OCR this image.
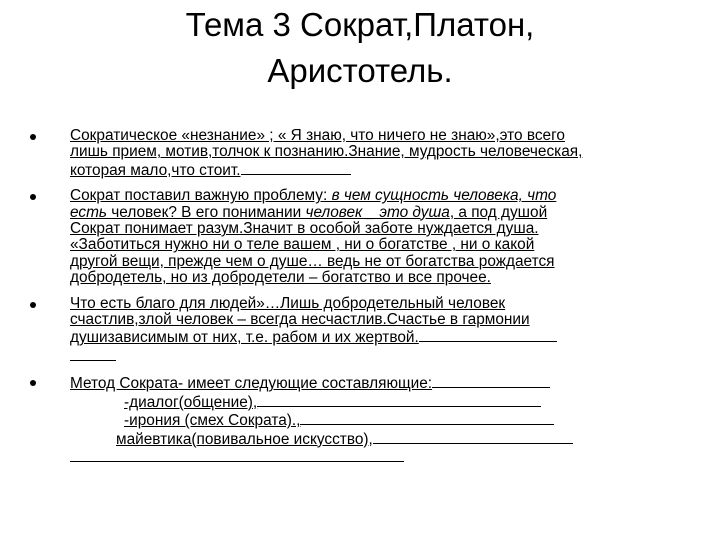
Тема 3 Сократ,Платон,
Аристотель.
Сократическое «незнание» ; « Я знаю, что ничего не знаю»,это всего
лишь прием, мотив,толчок к познанию.Знание, мудрость человеческая,
которая мало,что стоит.
Сократ поставил важную проблему: в чем сущность человека, что
есть человек? В его понимании человек _ это душа, а под душой
Сократ понимает разум.Значит в особой заботе нуждается душа.
«Заботиться нужно ни о теле вашем , ни о богатстве , ни о какой
другой вещи, прежде чем о душе… ведь не от богатства рождается
добродетель, но из добродетели – богатство и все прочее.
Что есть благо для людей»…Лишь добродетельный человек
счастлив,злой человек – всегда несчастлив.Счастье в гармонии
душизависимым от них, т.е. рабом и их жертвой.
Метод Сократа- имеет следующие составляющие:
-диалог(общение),
-ирония (смех Сократа).,
майевтика(повивальное искусство),
